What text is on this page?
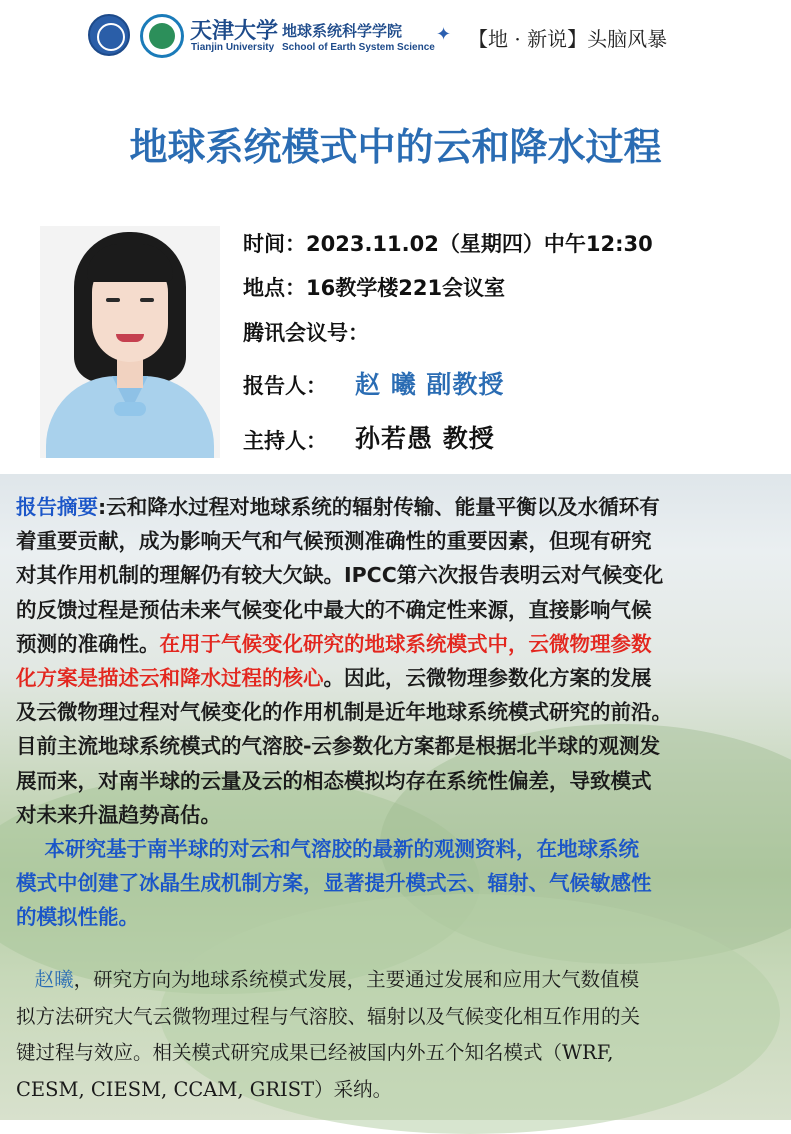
天津大学 地球系统科学学院
Tianjin University School of Earth System Science
✦ 【地 · 新说】头脑风暴
地球系统模式中的云和降水过程
时间：2023.11.02（星期四）中午12:30
地点：16教学楼221会议室
腾讯会议号：
报告人： 赵 曦 副教授
主持人： 孙若愚 教授
报告摘要:云和降水过程对地球系统的辐射传输、能量平衡以及水循环有
着重要贡献，成为影响天气和气候预测准确性的重要因素，但现有研究
对其作用机制的理解仍有较大欠缺。IPCC第六次报告表明云对气候变化
的反馈过程是预估未来气候变化中最大的不确定性来源，直接影响气候
预测的准确性。在用于气候变化研究的地球系统模式中，云微物理参数
化方案是描述云和降水过程的核心。因此，云微物理参数化方案的发展
及云微物理过程对气候变化的作用机制是近年地球系统模式研究的前沿。
目前主流地球系统模式的气溶胶-云参数化方案都是根据北半球的观测发
展而来，对南半球的云量及云的相态模拟均存在系统性偏差，导致模式
对未来升温趋势高估。
本研究基于南半球的对云和气溶胶的最新的观测资料，在地球系统
模式中创建了冰晶生成机制方案，显著提升模式云、辐射、气候敏感性
的模拟性能。
赵曦，研究方向为地球系统模式发展，主要通过发展和应用大气数值模
拟方法研究大气云微物理过程与气溶胶、辐射以及气候变化相互作用的关
键过程与效应。相关模式研究成果已经被国内外五个知名模式（WRF,
CESM, CIESM, CCAM, GRIST）采纳。
